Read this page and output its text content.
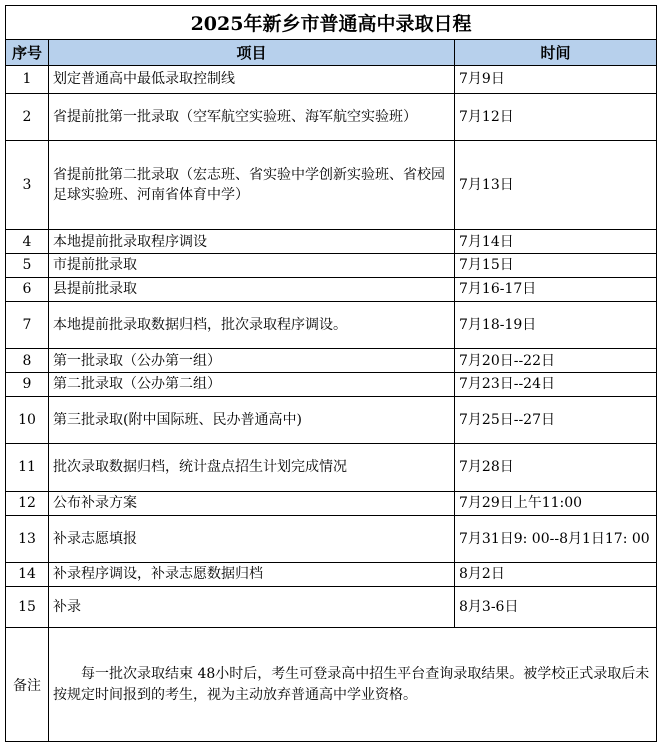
2025年新乡市普通高中录取日程		
序号	项目	时间
1	划定普通高中最低录取控制线	7月9日
2	省提前批第一批录取（空军航空实验班、海军航空实验班）	7月12日
3	省提前批第二批录取（宏志班、省实验中学创新实验班、省校园足球实验班、河南省体育中学）	7月13日
4	本地提前批录取程序调设	7月14日
5	市提前批录取	7月15日
6	县提前批录取	7月16-17日
7	本地提前批录取数据归档，批次录取程序调设。	7月18-19日
8	第一批录取（公办第一组）	7月20日--22日
9	第二批录取（公办第二组）	7月23日--24日
10	第三批录取(附中国际班、民办普通高中)	7月25日--27日
11	批次录取数据归档，统计盘点招生计划完成情况	7月28日
12	公布补录方案	7月29日上午11:00
13	补录志愿填报	7月31日9: 00--8月1日17: 00
14	补录程序调设，补录志愿数据归档	8月2日
15	补录	8月3-6日
备注	每一批次录取结束 48小时后，考生可登录高中招生平台查询录取结果。被学校正式录取后未按规定时间报到的考生，视为主动放弃普通高中学业资格。	
